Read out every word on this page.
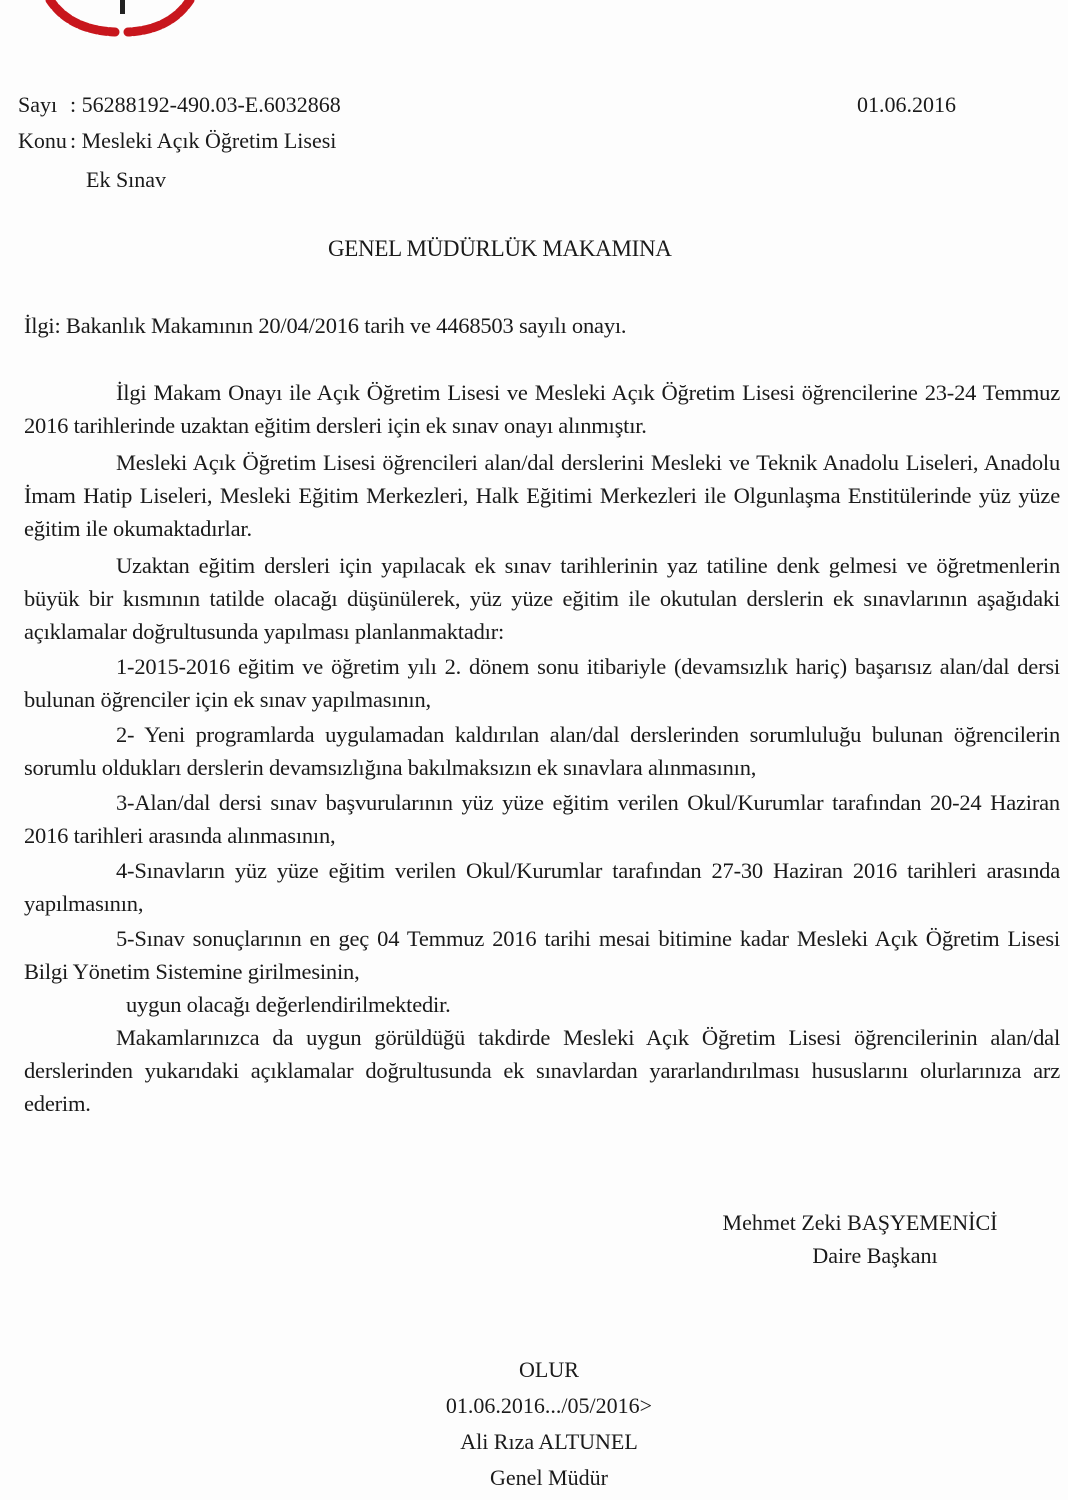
Sayı : 56288192-490.03-E.6032868
Konu : Mesleki Açık Öğretim Lisesi
Ek Sınav
01.06.2016
GENEL MÜDÜRLÜK MAKAMINA

İlgi: Bakanlık Makamının 20/04/2016 tarih ve 4468503 sayılı onayı.

İlgi Makam Onayı ile Açık Öğretim Lisesi ve Mesleki Açık Öğretim Lisesi öğrencilerine 23-24 Temmuz 2016 tarihlerinde uzaktan eğitim dersleri için ek sınav onayı alınmıştır.

Mesleki Açık Öğretim Lisesi öğrencileri alan/dal derslerini Mesleki ve Teknik Anadolu Liseleri, Anadolu İmam Hatip Liseleri, Mesleki Eğitim Merkezleri, Halk Eğitimi Merkezleri ile Olgunlaşma Enstitülerinde yüz yüze eğitim ile okumaktadırlar.

Uzaktan eğitim dersleri için yapılacak ek sınav tarihlerinin yaz tatiline denk gelmesi ve öğretmenlerin büyük bir kısmının tatilde olacağı düşünülerek, yüz yüze eğitim ile okutulan derslerin ek sınavlarının aşağıdaki açıklamalar doğrultusunda yapılması planlanmaktadır:

1-2015-2016 eğitim ve öğretim yılı 2. dönem sonu itibariyle (devamsızlık hariç) başarısız alan/dal dersi bulunan öğrenciler için ek sınav yapılmasının,

2- Yeni programlarda uygulamadan kaldırılan alan/dal derslerinden sorumluluğu bulunan öğrencilerin sorumlu oldukları derslerin devamsızlığına bakılmaksızın ek sınavlara alınmasının,

3-Alan/dal dersi sınav başvurularının yüz yüze eğitim verilen Okul/Kurumlar tarafından 20-24 Haziran 2016 tarihleri arasında alınmasının,

4-Sınavların yüz yüze eğitim verilen Okul/Kurumlar tarafından 27-30 Haziran 2016 tarihleri arasında yapılmasının,

5-Sınav sonuçlarının en geç 04 Temmuz 2016 tarihi mesai bitimine kadar Mesleki Açık Öğretim Lisesi Bilgi Yönetim Sistemine girilmesinin,

uygun olacağı değerlendirilmektedir.

Makamlarınızca da uygun görüldüğü takdirde Mesleki Açık Öğretim Lisesi öğrencilerinin alan/dal derslerinden yukarıdaki açıklamalar doğrultusunda ek sınavlardan yararlandırılması hususlarını olurlarınıza arz ederim.

Mehmet Zeki BAŞYEMENİCİ
Daire Başkanı
OLUR
01.06.2016.../05/2016>
Ali Rıza ALTUNEL
Genel Müdür
